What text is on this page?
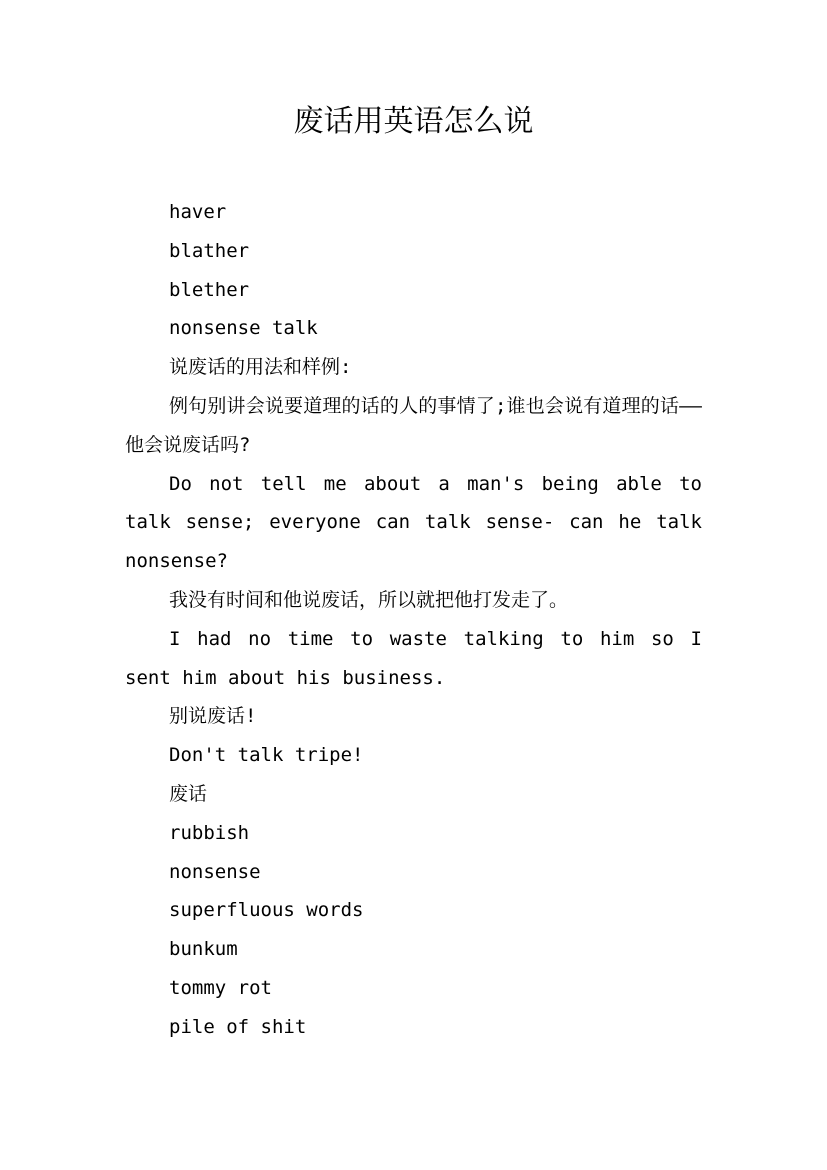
废话用英语怎么说

haver

blather

blether

nonsense talk

说废话的用法和样例:

例句别讲会说要道理的话的人的事情了;谁也会说有道理的话——他会说废话吗?

Do not tell me about a man's being able to talk sense; everyone can talk sense- can he talk nonsense?

我没有时间和他说废话，所以就把他打发走了。

I had no time to waste talking to him so I sent him about his business.

别说废话!

Don't talk tripe!

废话

rubbish

nonsense

superfluous words

bunkum

tommy rot

pile of shit
